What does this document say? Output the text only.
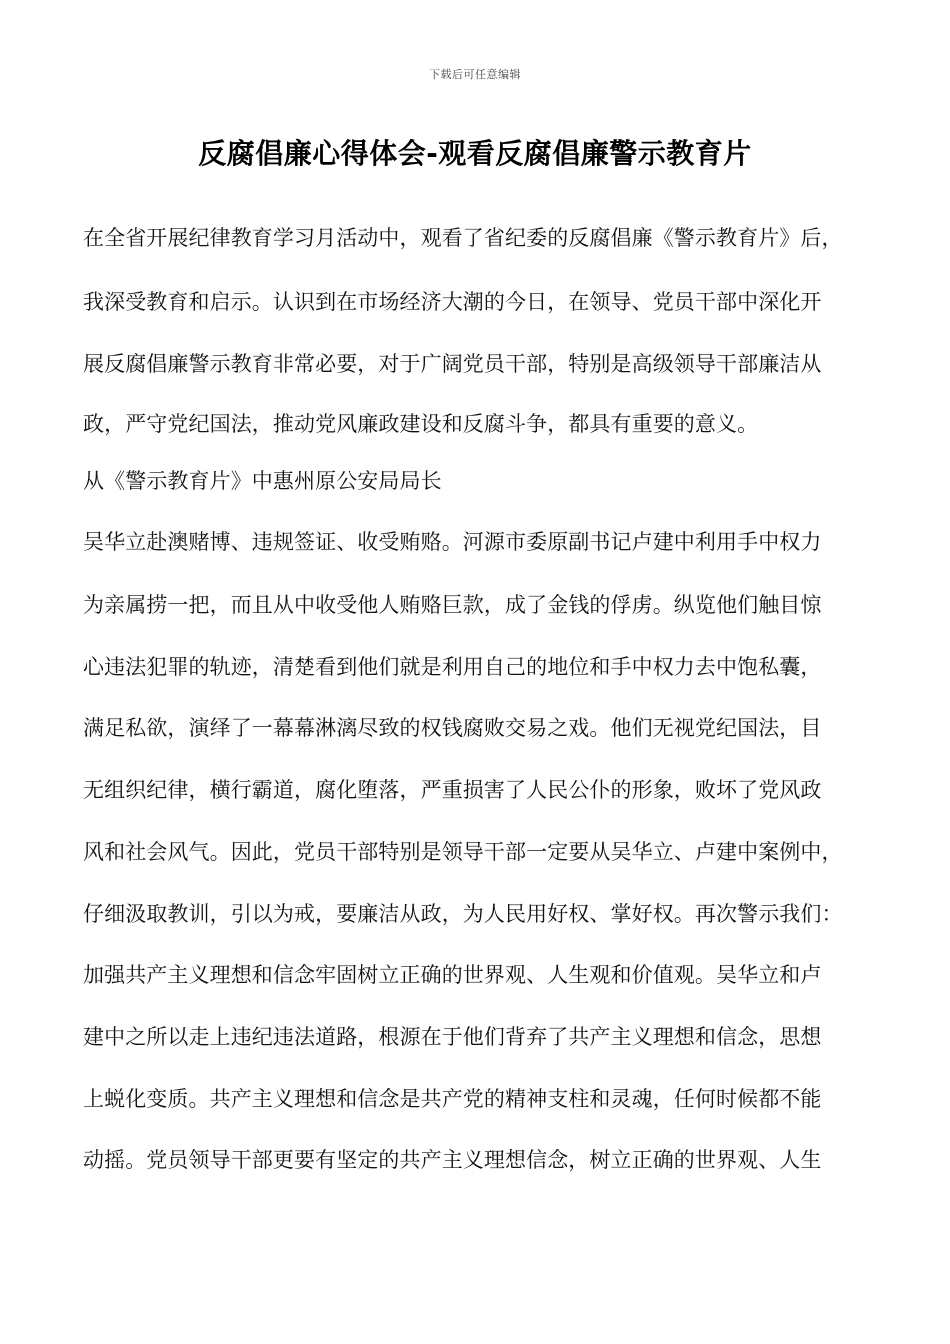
下载后可任意编辑
反腐倡廉心得体会-观看反腐倡廉警示教育片

在全省开展纪律教育学习月活动中，观看了省纪委的反腐倡廉《警示教育片》后，

我深受教育和启示。认识到在市场经济大潮的今日，在领导、党员干部中深化开

展反腐倡廉警示教育非常必要，对于广阔党员干部，特别是高级领导干部廉洁从

政，严守党纪国法，推动党风廉政建设和反腐斗争，都具有重要的意义。

从《警示教育片》中惠州原公安局局长

吴华立赴澳赌博、违规签证、收受贿赂。河源市委原副书记卢建中利用手中权力

为亲属捞一把，而且从中收受他人贿赂巨款，成了金钱的俘虏。纵览他们触目惊

心违法犯罪的轨迹，清楚看到他们就是利用自己的地位和手中权力去中饱私囊，

满足私欲，演绎了一幕幕淋漓尽致的权钱腐败交易之戏。他们无视党纪国法，目

无组织纪律，横行霸道，腐化堕落，严重损害了人民公仆的形象，败坏了党风政

风和社会风气。因此，党员干部特别是领导干部一定要从吴华立、卢建中案例中，

仔细汲取教训，引以为戒，要廉洁从政，为人民用好权、掌好权。再次警示我们：

加强共产主义理想和信念牢固树立正确的世界观、人生观和价值观。吴华立和卢

建中之所以走上违纪违法道路，根源在于他们背弃了共产主义理想和信念，思想

上蜕化变质。共产主义理想和信念是共产党的精神支柱和灵魂，任何时候都不能

动摇。党员领导干部更要有坚定的共产主义理想信念，树立正确的世界观、人生
